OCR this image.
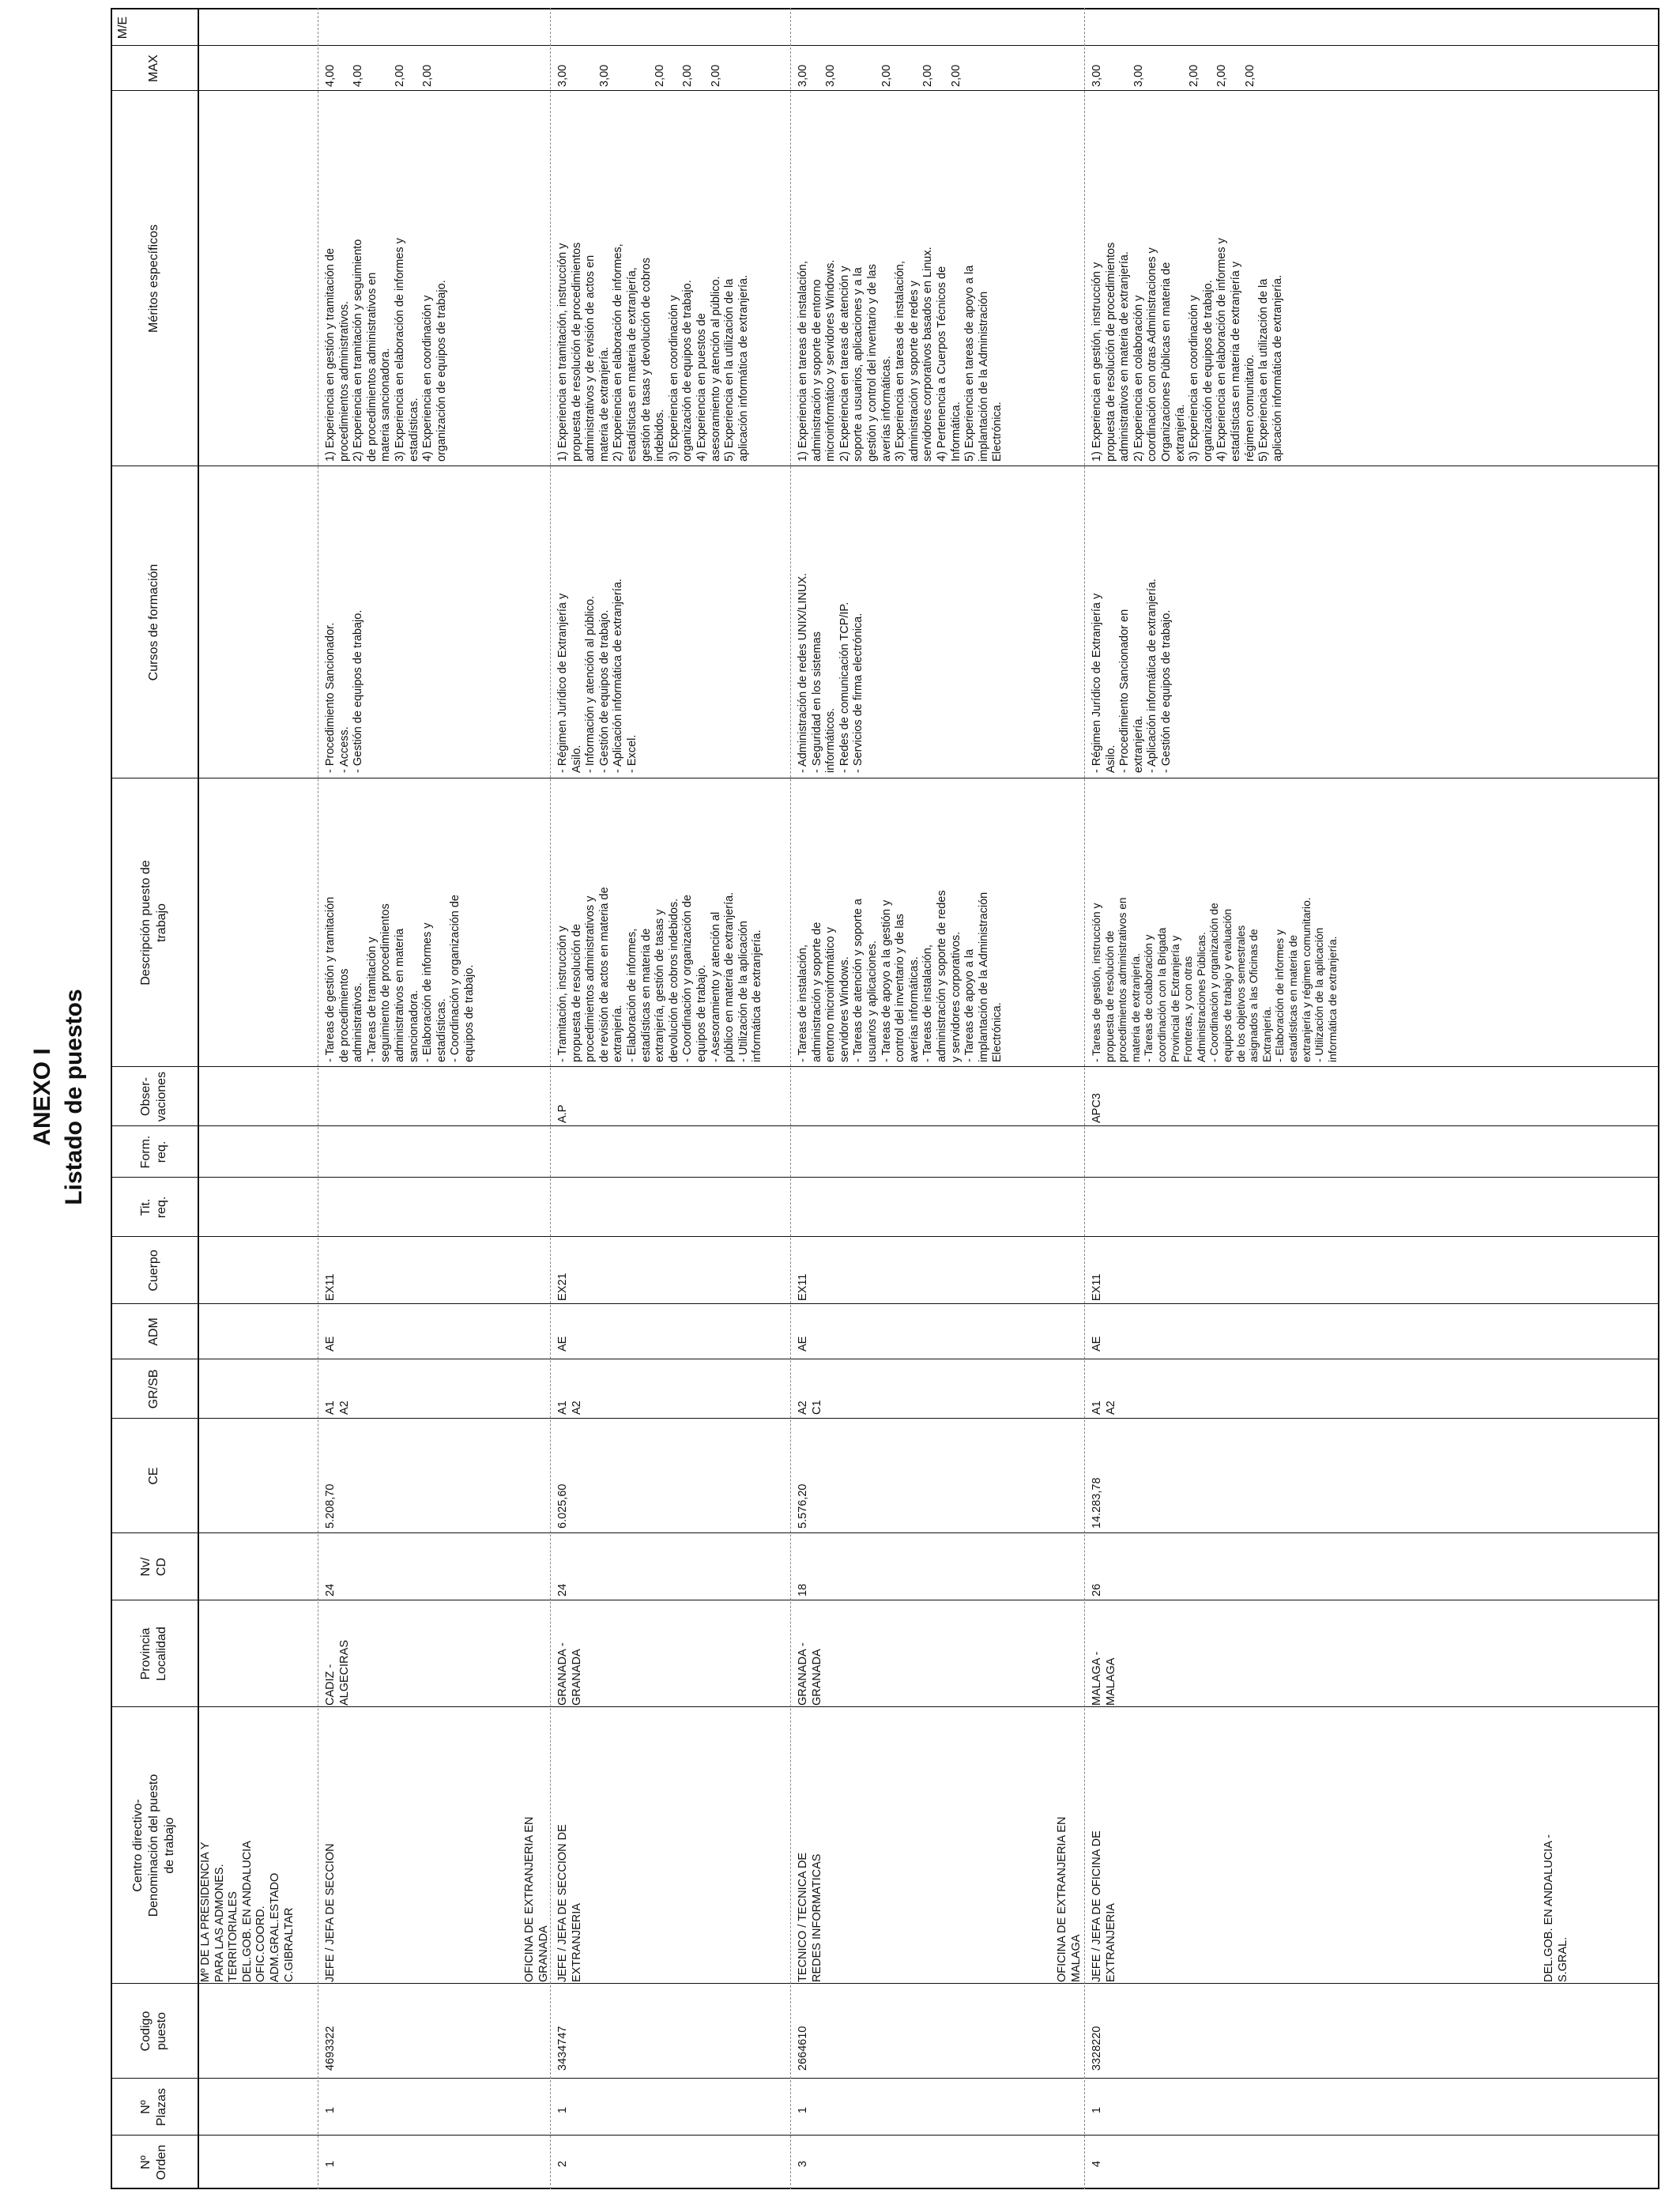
ANEXO I Listado de puestos
Nº
Orden
Nº
Plazas
Codigo
puesto
Centro directivo-
Denominación del puesto
de trabajo
Provincia
Localidad
Nv/
CD
CE
GR/SB
ADM
Cuerpo
Tit.
req.
Form.
req.
Obser-
vaciones
Descripción puesto de
trabajo
Cursos de formación
Méritos específicos
MAX
M/E
Mº DE LA PRESIDENCIA Y
PARA LAS ADMONES.
TERRITORIALES
DEL.GOB. EN ANDALUCIA
OFIC.COORD.
ADM.GRAL.ESTADO
C.GIBRALTAR
1
1
4693322
JEFE / JEFA DE SECCION
CADIZ -
ALGECIRAS
24
5.208,70
A1
A2
AE
EX11
- Tareas de gestión y tramitación
de procedimientos
administrativos.
- Tareas de tramitación y
seguimiento de procedimientos
administrativos en materia
sancionadora.
- Elaboración de informes y
estadísticas.
- Coordinación y organización de
equipos de trabajo.
- Procedimiento Sancionador.
- Access.
- Gestión de equipos de trabajo.
1) Experiencia en gestión y tramitación de
procedimientos administrativos.
2) Experiencia en tramitación y seguimiento
de procedimientos administrativos en
materia sancionadora.
3) Experiencia en elaboración de informes y
estadísticas.
4) Experiencia en coordinación y
organización de equipos de trabajo.
4,00

4,00

2,00

2,00
OFICINA DE EXTRANJERIA EN
GRANADA
2
1
3434747
JEFE / JEFA DE SECCION DE
EXTRANJERIA
GRANADA -
GRANADA
24
6.025,60
A1
A2
AE
EX21
A.P
- Tramitación, instrucción y
propuesta de resolución de
procedimientos administrativos y
de revisión de actos en materia de
extranjería.
- Elaboración de informes,
estadísticas en materia de
extranjería, gestión de tasas y
devolución de cobros indebidos.
- Coordinación y organización de
equipos de trabajo.
- Asesoramiento y atención al
público en materia de extranjería.
- Utilización de la aplicación
informática de extranjería.
- Régimen Jurídico de Extranjería y
Asilo.
- Información y atención al público.
- Gestión de equipos de trabajo.
- Aplicación informática de extranjería.
- Excel.
1) Experiencia en tramitación, instrucción y
propuesta de resolución de procedimientos
administrativos y de revisión de actos en
materia de extranjería.
2) Experiencia en elaboración de informes,
estadísticas en materia de extranjería,
gestión de tasas y devolución de cobros
indebidos.
3) Experiencia en coordinación y
organización de equipos de trabajo.
4) Experiencia en puestos de
asesoramiento y atención al público.
5) Experiencia en la utilización de la
aplicación informática de extranjería.
3,00

3,00

2,00

2,00

2,00
3
1
2664610
TECNICO / TECNICA DE
REDES INFORMATICAS
GRANADA -
GRANADA
18
5.576,20
A2
C1
AE
EX11
- Tareas de instalación,
administración y soporte de
entorno microinformático y
servidores Windows.
- Tareas de atención y soporte a
usuarios y aplicaciones.
- Tareas de apoyo a la gestión y
control del inventario y de las
averías informáticas.
- Tareas de instalación,
administración y soporte de redes
y servidores corporativos.
- Tareas de apoyo a la
implantación de la Administración
Electrónica.
- Administración de redes UNIX/LINUX.
- Seguridad en los sistemas
informáticos.
- Redes de comunicación TCP/IP.
- Servicios de firma electrónica.
1) Experiencia en tareas de instalación,
administración y soporte de entorno
microinformático y servidores Windows.
2) Experiencia en tareas de atención y
soporte a usuarios, aplicaciones y a la
gestión y control del inventario y de las
averías informáticas.
3) Experiencia en tareas de instalación,
administración y soporte de redes y
servidores corporativos basados en Linux.
4) Pertenencia a Cuerpos Técnicos de
Informática.
5) Experiencia en tareas de apoyo a la
implantación de la Administración
Electrónica.
3,00

3,00

2,00

2,00

2,00
OFICINA DE EXTRANJERIA EN
MALAGA
4
1
3328220
JEFE / JEFA DE OFICINA DE
EXTRANJERIA
MALAGA -
MALAGA
26
14.283,78
A1
A2
AE
EX11
APC3
- Tareas de gestión, instrucción y
propuesta de resolución de
procedimientos administrativos en
materia de extranjería.
- Tareas de colaboración y
coordinación con la Brigada
Provincial de Extranjería y
Fronteras, y con otras
Administraciones Públicas.
- Coordinación y organización de
equipos de trabajo y evaluación
de los objetivos semestrales
asignados a las Oficinas de
Extranjería.
- Elaboración de informes y
estadísticas en materia de
extranjería y régimen comunitario.
- Utilización de la aplicación
informática de extranjería.
- Régimen Jurídico de Extranjería y
Asilo.
- Procedimiento Sancionador en
extranjería.
- Aplicación informática de extranjería.
- Gestión de equipos de trabajo.
1) Experiencia en gestión, instrucción y
propuesta de resolución de procedimientos
administrativos en materia de extranjería.
2) Experiencia en colaboración y
coordinación con otras Administraciones y
Organizaciones Públicas en materia de
extranjería.
3) Experiencia en coordinación y
organización de equipos de trabajo.
4) Experiencia en elaboración de informes y
estadísticas en materia de extranjería y
régimen comunitario.
5) Experiencia en la utilización de la
aplicación informática de extranjería.
3,00

3,00

2,00

2,00

2,00
DEL.GOB. EN ANDALUCIA -
S.GRAL.
